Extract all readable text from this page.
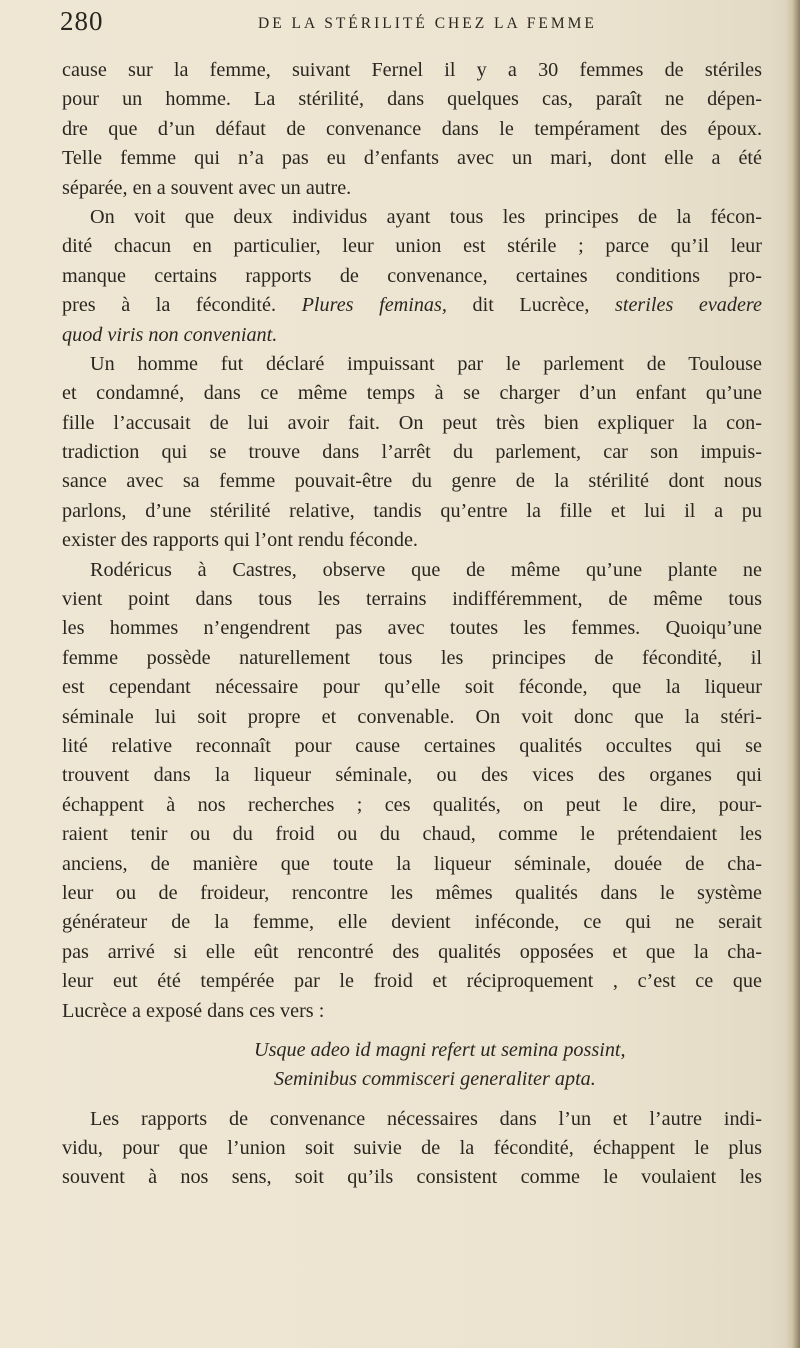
280	DE LA STÉRILITÉ CHEZ LA FEMME
cause sur la femme, suivant Fernel il y a 30 femmes de stériles
pour un homme. La stérilité, dans quelques cas, paraît ne dépen-
dre que d’un défaut de convenance dans le tempérament des époux.
Telle femme qui n’a pas eu d’enfants avec un mari, dont elle a été
séparée, en a souvent avec un autre.
On voit que deux individus ayant tous les principes de la fécon-
dité chacun en particulier, leur union est stérile ; parce qu’il leur
manque certains rapports de convenance, certaines conditions pro-
pres à la fécondité. Plures feminas, dit Lucrèce, steriles evadere
quod viris non conveniant.
Un homme fut déclaré impuissant par le parlement de Toulouse
et condamné, dans ce même temps à se charger d’un enfant qu’une
fille l’accusait de lui avoir fait. On peut très bien expliquer la con-
tradiction qui se trouve dans l’arrêt du parlement, car son impuis-
sance avec sa femme pouvait-être du genre de la stérilité dont nous
parlons, d’une stérilité relative, tandis qu’entre la fille et lui il a pu
exister des rapports qui l’ont rendu féconde.
Rodéricus à Castres, observe que de même qu’une plante ne
vient point dans tous les terrains indifféremment, de même tous
les hommes n’engendrent pas avec toutes les femmes. Quoiqu’une
femme possède naturellement tous les principes de fécondité, il
est cependant nécessaire pour qu’elle soit féconde, que la liqueur
séminale lui soit propre et convenable. On voit donc que la stéri-
lité relative reconnaît pour cause certaines qualités occultes qui se
trouvent dans la liqueur séminale, ou des vices des organes qui
échappent à nos recherches ; ces qualités, on peut le dire, pour-
raient tenir ou du froid ou du chaud, comme le prétendaient les
anciens, de manière que toute la liqueur séminale, douée de cha-
leur ou de froideur, rencontre les mêmes qualités dans le système
générateur de la femme, elle devient inféconde, ce qui ne serait
pas arrivé si elle eût rencontré des qualités opposées et que la cha-
leur eut été tempérée par le froid et réciproquement , c’est ce que
Lucrèce a exposé dans ces vers :
Usque adeo id magni refert ut semina possint,
Seminibus commisceri generaliter apta.
Les rapports de convenance nécessaires dans l’un et l’autre indi-
vidu, pour que l’union soit suivie de la fécondité, échappent le plus
souvent à nos sens, soit qu’ils consistent comme le voulaient les
